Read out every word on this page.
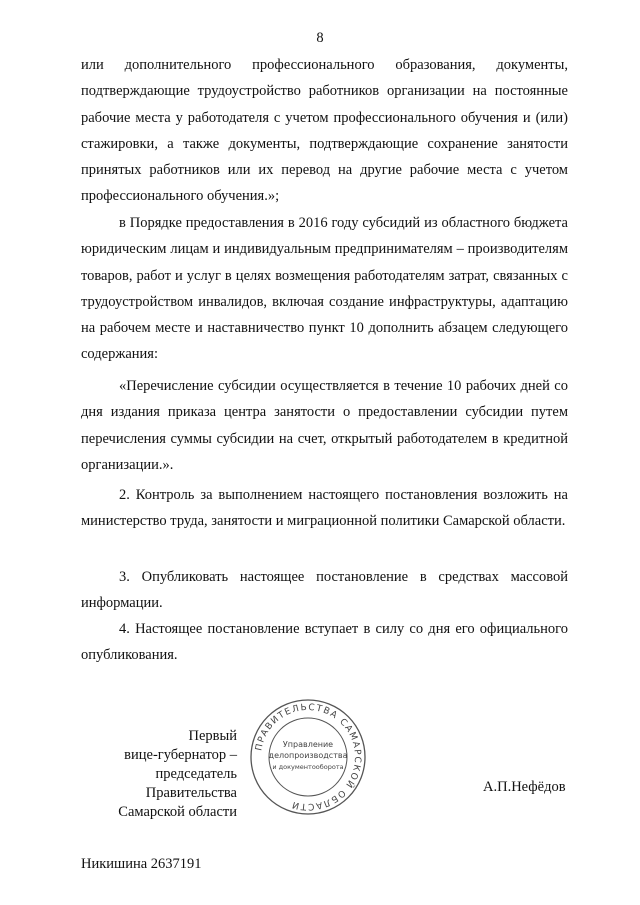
8

или дополнительного профессионального образования, документы, подтверждающие трудоустройство работников организации на постоянные рабочие места у работодателя с учетом профессионального обучения и (или) стажировки, а также документы, подтверждающие сохранение занятости принятых работников или их перевод на другие рабочие места с учетом профессионального обучения.»;

в Порядке предоставления в 2016 году субсидий из областного бюджета юридическим лицам и индивидуальным предпринимателям – производителям товаров, работ и услуг в целях возмещения работодателям затрат, связанных с трудоустройством инвалидов, включая создание инфраструктуры, адаптацию на рабочем месте и наставничество пункт 10 дополнить абзацем следующего содержания:

«Перечисление субсидии осуществляется в течение 10 рабочих дней со дня издания приказа центра занятости о предоставлении субсидии путем перечисления суммы субсидии на счет, открытый работодателем в кредитной организации.».

2. Контроль за выполнением настоящего постановления возложить на министерство труда, занятости и миграционной политики Самарской области.

3. Опубликовать настоящее постановление в средствах массовой информации.

4. Настоящее постановление вступает в силу со дня его официального опубликования.

Первый
вице-губернатор –
председатель Правительства
Самарской области
ПРАВИТЕЛЬСТВА САМАРСКОЙ ОБЛАСТИ
Управление
делопроизводства
и документооборота
А.П.Нефёдов
Никишина 2637191
